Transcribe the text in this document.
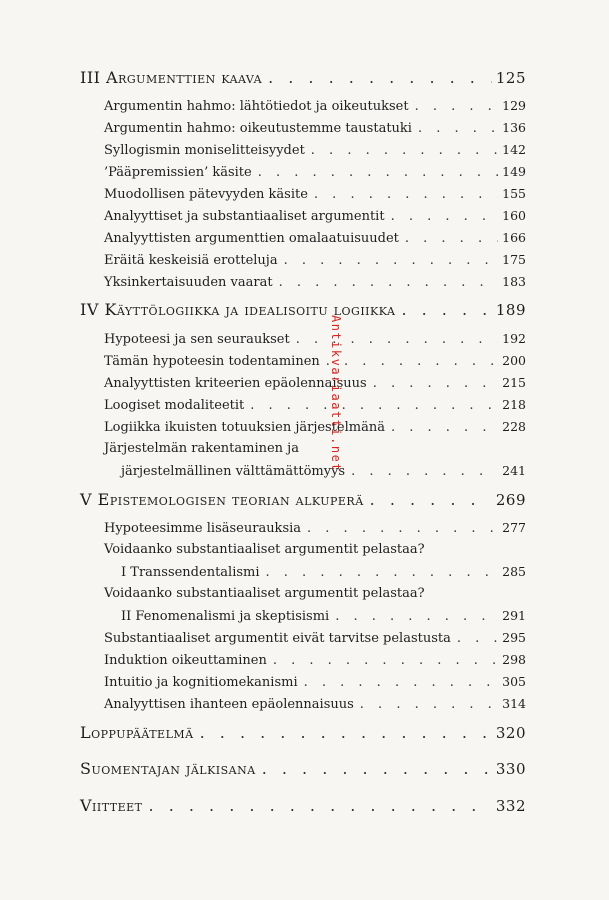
III Argumenttien kaava . . .	125
Argumentin hahmo: lähtötiedot ja oikeutukset . . .	129
Argumentin hahmo: oikeutustemme taustatuki . . .	136
Syllogismin moniselitteisyydet . . .	142
’Pääpremissien’ käsite . . .	149
Muodollisen pätevyyden käsite . . .	155
Analyyttiset ja substantiaaliset argumentit . . .	160
Analyyttisten argumenttien omalaatuisuudet . . .	166
Eräitä keskeisiä erotteluja . . .	175
Yksinkertaisuuden vaarat . . .	183
IV Käyttölogiikka ja idealisoitu logiikka . . .	189
Hypoteesi ja sen seuraukset . . .	192
Tämän hypoteesin todentaminen . . .	200
Analyyttisten kriteerien epäolennaisuus . . .	215
Loogiset modaliteetit . . .	218
Logiikka ikuisten totuuksien järjestelmänä . . .	228
Järjestelmän rakentaminen ja
järjestelmällinen välttämättömyys . . .	241
V Epistemologisen teorian alkuperä . . .	269
Hypoteesimme lisäseurauksia . . .	277
Voidaanko substantiaaliset argumentit pelastaa?
I Transsendentalismi . . .	285
Voidaanko substantiaaliset argumentit pelastaa?
II Fenomenalismi ja skeptisismi . . .	291
Substantiaaliset argumentit eivät tarvitse pelastusta . . .	295
Induktion oikeuttaminen . . .	298
Intuitio ja kognitiomekanismi . . .	305
Analyyttisen ihanteen epäolennaisuus . . .	314
Loppupäätelmä . . .	320
Suomentajan jälkisana . . .	330
Viitteet . . .	332
Antikvariaatti.net
